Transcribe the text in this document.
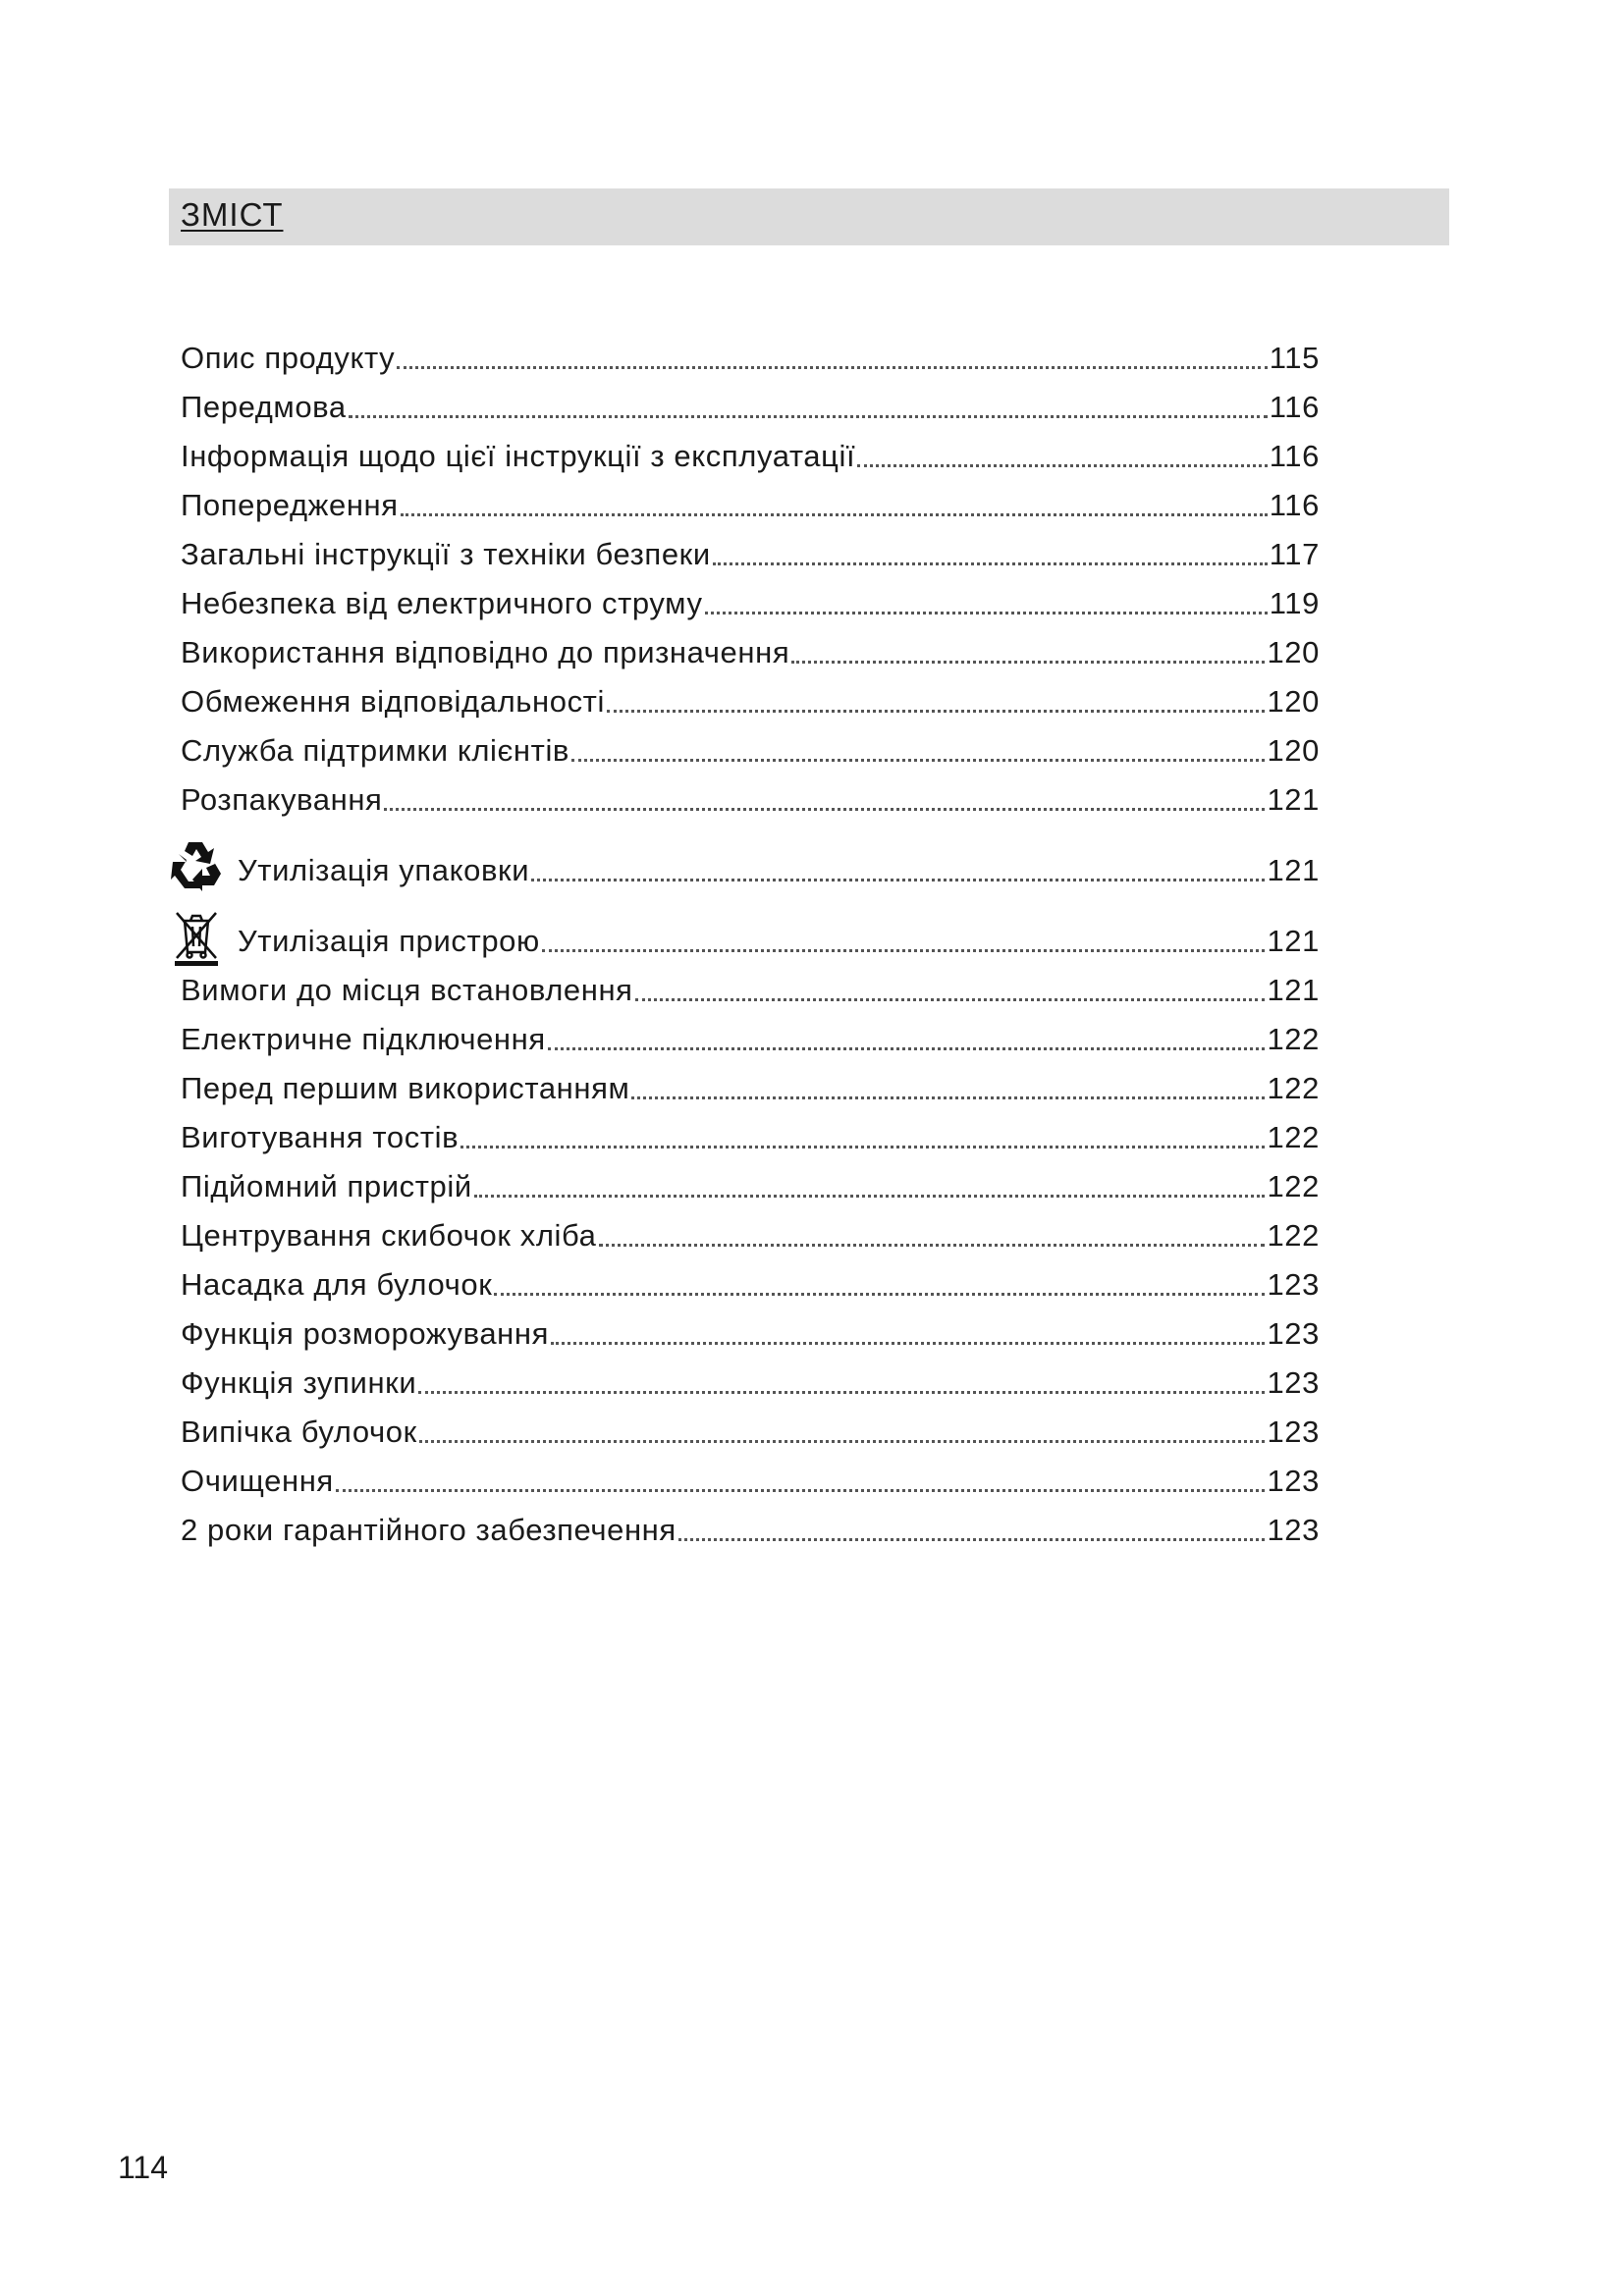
ЗМІСТ
Опис продукту	115
Передмова	116
Інформація щодо цієї інструкції з експлуатації	116
Попередження	116
Загальні інструкції з техніки безпеки	117
Небезпека від електричного струму	119
Використання відповідно до призначення	120
Обмеження відповідальності	120
Служба підтримки клієнтів	120
Розпакування	121
Утилізація упаковки	121
Утилізація пристрою	121
Вимоги до місця встановлення	121
Електричне підключення	122
Перед першим використанням	122
Виготування тостів	122
Підйомний пристрій	122
Центрування скибочок хліба	122
Насадка для булочок	123
Функція розморожування	123
Функція зупинки	123
Випічка булочок	123
Очищення	123
2 роки гарантійного забезпечення	123
114
